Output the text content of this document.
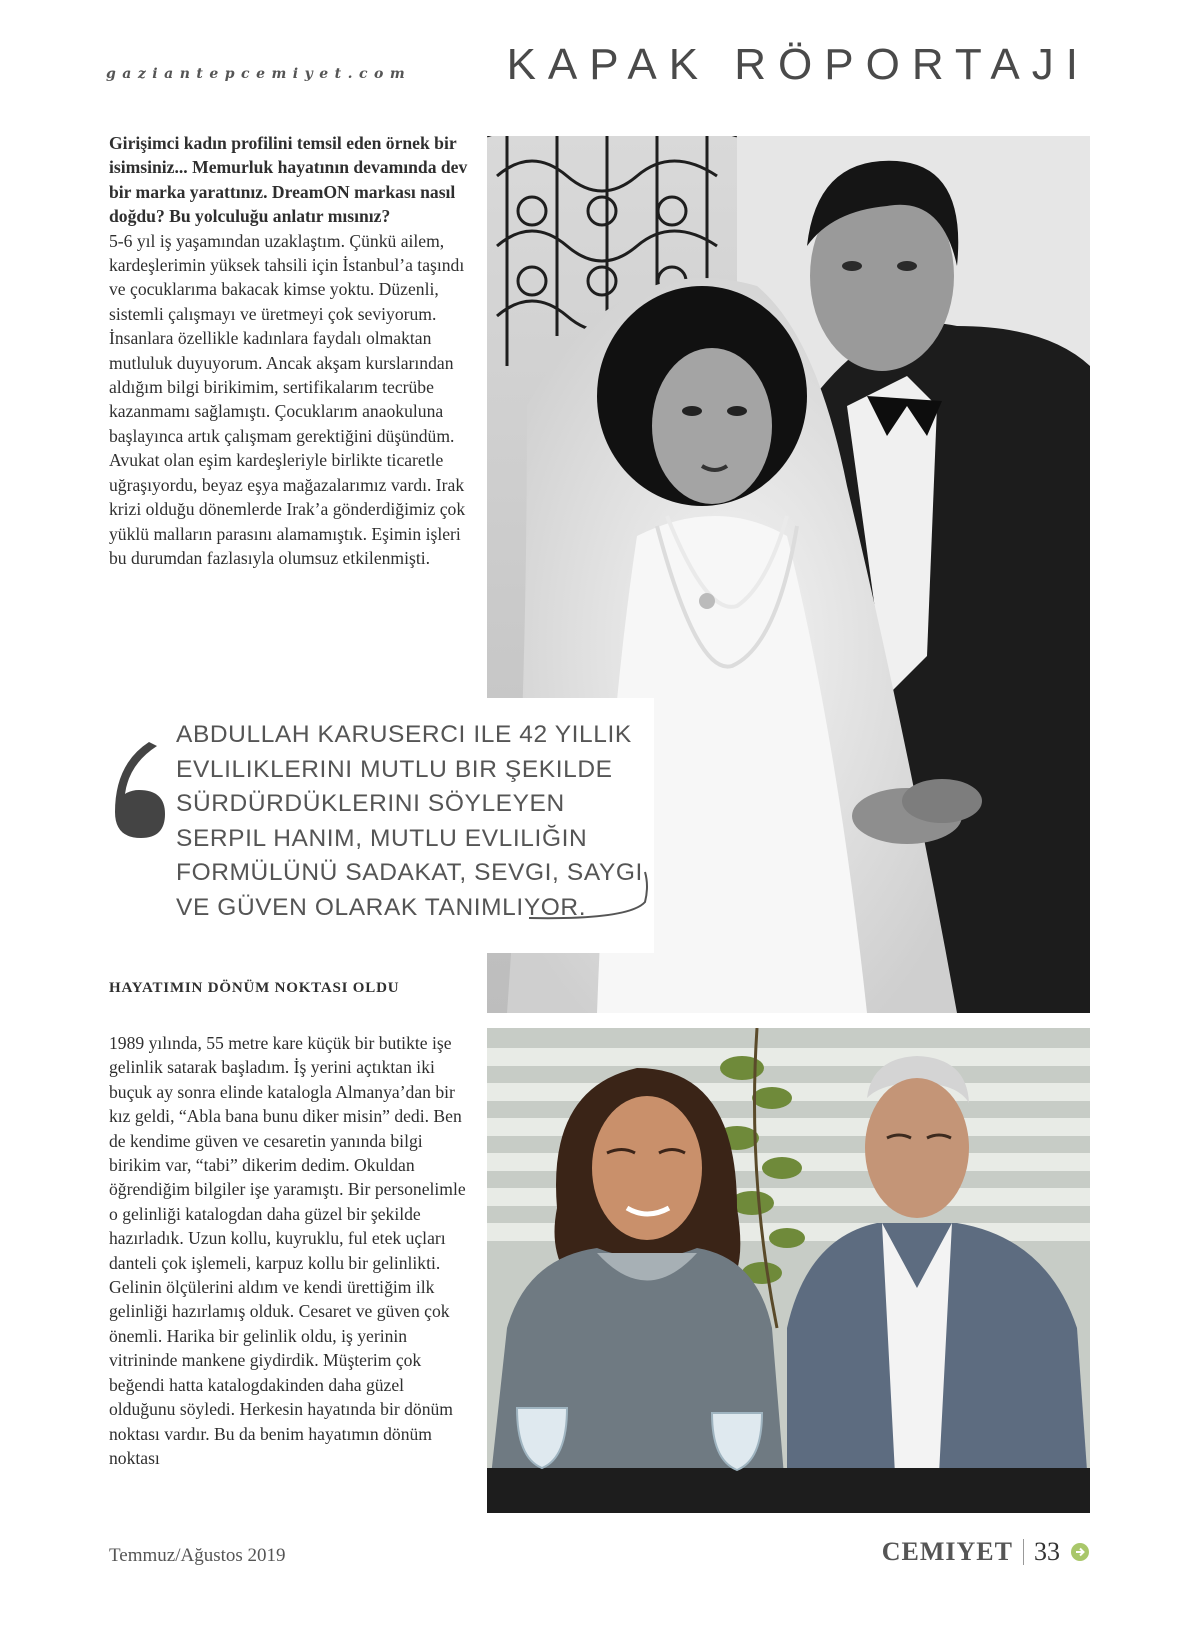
gaziantepcemiyet.com KAPAK RÖPORTAJI
Girişimci kadın profilini temsil eden örnek bir isimsiniz... Memurluk hayatının devamında dev bir marka yarattınız. DreamON markası nasıl doğdu? Bu yolculuğu anlatır mısınız?
5-6 yıl iş yaşamından uzaklaştım. Çünkü ailem, kardeşlerimin yüksek tahsili için İstanbul’a taşındı ve çocuklarıma bakacak kimse yoktu. Düzenli, sistemli çalışmayı ve üretmeyi çok seviyorum. İnsanlara özellikle kadınlara faydalı olmaktan mutluluk duyuyorum. Ancak akşam kurslarından aldığım bilgi birikimim, sertifikalarım tecrübe kazanmamı sağlamıştı. Çocuklarım anaokuluna başlayınca artık çalışmam gerektiğini düşündüm. Avukat olan eşim kardeşleriyle birlikte ticaretle uğraşıyordu, beyaz eşya mağazalarımız vardı. Irak krizi olduğu dönemlerde Irak’a gönderdiğimiz çok yüklü malların parasını alamamıştık. Eşimin işleri bu durumdan fazlasıyla olumsuz etkilenmişti.
ABDULLAH KARUSERCI ILE 42 YILLIK EVLILIKLERINI MUTLU BIR ŞEKILDE SÜRDÜRDÜKLERINI SÖYLEYEN SERPIL HANIM, MUTLU EVLILIĞIN FORMÜLÜNÜ SADAKAT, SEVGI, SAYGI VE GÜVEN OLARAK TANIMLIYOR.
HAYATIMIN DÖNÜM NOKTASI OLDU
1989 yılında, 55 metre kare küçük bir butikte işe gelinlik satarak başladım. İş yerini açtıktan iki buçuk ay sonra elinde katalogla Almanya’dan bir kız geldi, “Abla bana bunu diker misin” dedi. Ben de kendime güven ve cesaretin yanında bilgi birikim var, “tabi” dikerim dedim. Okuldan öğrendiğim bilgiler işe yaramıştı. Bir personelimle o gelinliği katalogdan daha güzel bir şekilde hazırladık. Uzun kollu, kuyruklu, ful etek uçları danteli çok işlemeli, karpuz kollu bir gelinlikti. Gelinin ölçülerini aldım ve kendi ürettiğim ilk gelinliği hazırlamış olduk. Cesaret ve güven çok önemli. Harika bir gelinlik oldu, iş yerinin vitrininde mankene giydirdik. Müşterim çok beğendi hatta katalogdakinden daha güzel olduğunu söyledi. Herkesin hayatında bir dönüm noktası vardır. Bu da benim hayatımın dönüm noktası
Temmuz/Ağustos 2019	CEMIYET 33
